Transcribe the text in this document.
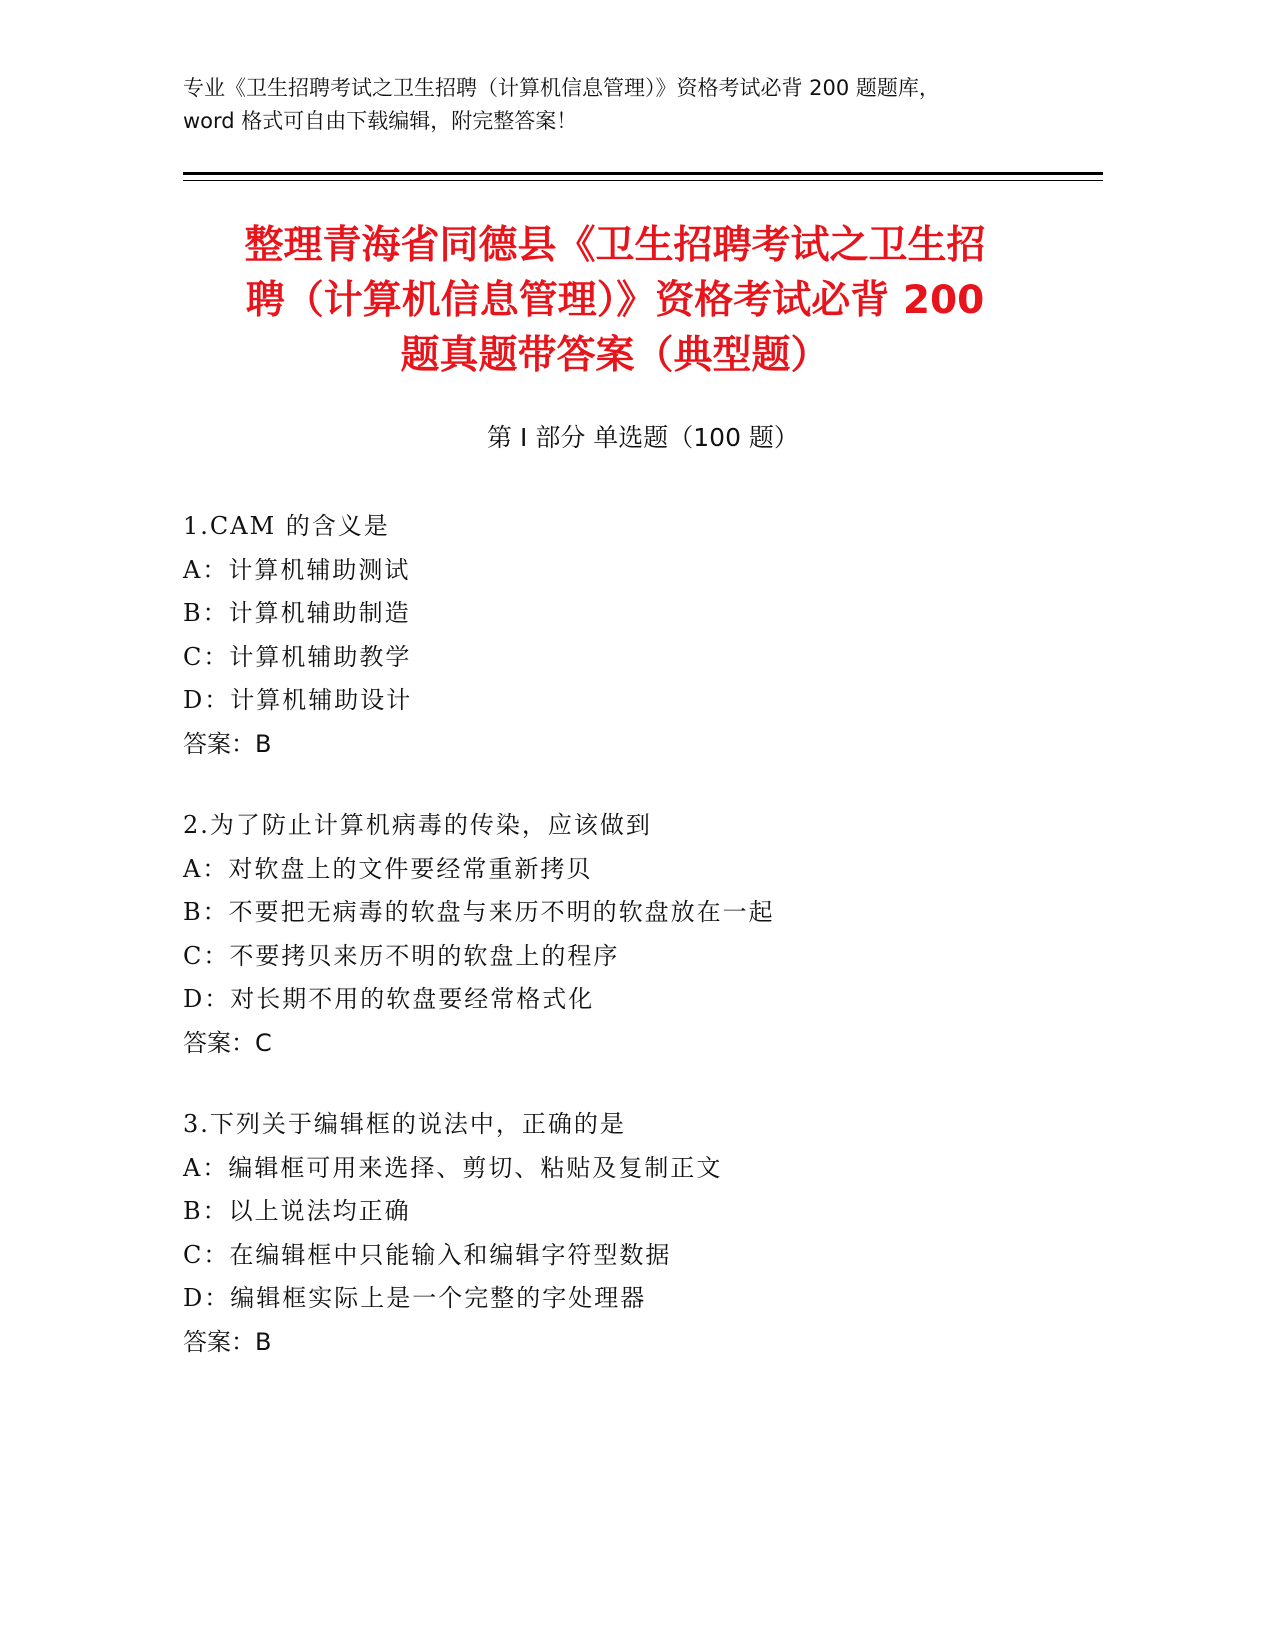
专业《卫生招聘考试之卫生招聘（计算机信息管理）》资格考试必背 200 题题库，
word 格式可自由下载编辑，附完整答案！
整理青海省同德县《卫生招聘考试之卫生招
聘（计算机信息管理）》资格考试必背 200
题真题带答案（典型题）
第 I 部分 单选题（100 题）
1.CAM 的含义是
A：计算机辅助测试
B：计算机辅助制造
C：计算机辅助教学
D：计算机辅助设计
答案：B
2.为了防止计算机病毒的传染，应该做到
A：对软盘上的文件要经常重新拷贝
B：不要把无病毒的软盘与来历不明的软盘放在一起
C：不要拷贝来历不明的软盘上的程序
D：对长期不用的软盘要经常格式化
答案：C
3.下列关于编辑框的说法中，正确的是
A：编辑框可用来选择、剪切、粘贴及复制正文
B：以上说法均正确
C：在编辑框中只能输入和编辑字符型数据
D：编辑框实际上是一个完整的字处理器
答案：B
